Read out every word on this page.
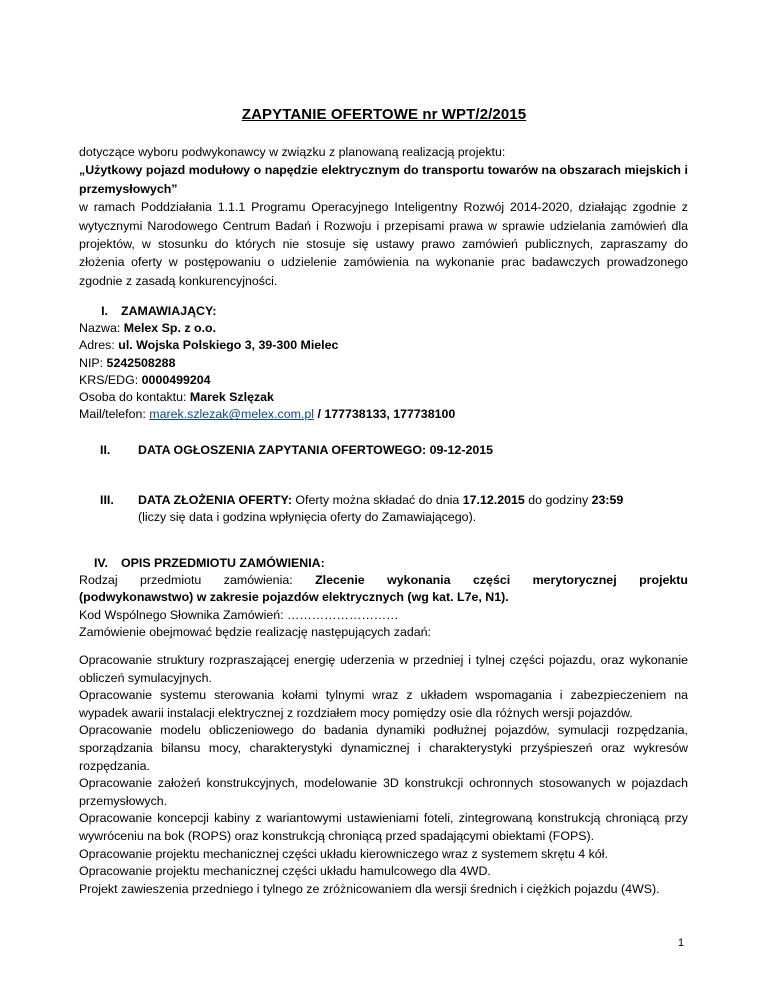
ZAPYTANIE OFERTOWE nr WPT/2/2015

dotyczące wyboru podwykonawcy w związku z planowaną realizacją projektu:

„Użytkowy pojazd modułowy o napędzie elektrycznym do transportu towarów na obszarach miejskich i przemysłowych”

w ramach Poddziałania 1.1.1 Programu Operacyjnego Inteligentny Rozwój 2014-2020, działając zgodnie z wytycznymi Narodowego Centrum Badań i Rozwoju i przepisami prawa w sprawie udzielania zamówień dla projektów, w stosunku do których nie stosuje się ustawy prawo zamówień publicznych, zapraszamy do złożenia oferty w postępowaniu o udzielenie zamówienia na wykonanie prac badawczych prowadzonego zgodnie z zasadą konkurencyjności.

I.	ZAMAWIAJĄCY:

Nazwa: Melex Sp. z o.o.

Adres: ul. Wojska Polskiego 3, 39-300 Mielec

NIP: 5242508288

KRS/EDG: 0000499204

Osoba do kontaktu: Marek Szlęzak

Mail/telefon: marek.szlezak@melex.com.pl / 177738133, 177738100

II.	DATA OGŁOSZENIA ZAPYTANIA OFERTOWEGO: 09-12-2015
III.	DATA ZŁOŻENIA OFERTY: Oferty można składać do dnia 17.12.2015 do godziny 23:59

(liczy się data i godzina wpłynięcia oferty do Zamawiającego).

IV.	OPIS PRZEDMIOTU ZAMÓWIENIA:
Rodzaj przedmiotu zamówienia: Zlecenie wykonania części merytorycznej projektu

(podwykonawstwo) w zakresie pojazdów elektrycznych (wg kat. L7e, N1).

Kod Wspólnego Słownika Zamówień: ………………………

Zamówienie obejmować będzie realizację następujących zadań:

Opracowanie struktury rozpraszającej energię uderzenia w przedniej i tylnej części pojazdu, oraz wykonanie obliczeń symulacyjnych.

Opracowanie systemu sterowania kołami tylnymi wraz z układem wspomagania i zabezpieczeniem na wypadek awarii instalacji elektrycznej z rozdziałem mocy pomiędzy osie dla różnych wersji pojazdów.

Opracowanie modelu obliczeniowego do badania dynamiki podłużnej pojazdów, symulacji rozpędzania, sporządzania bilansu mocy, charakterystyki dynamicznej i charakterystyki przyśpieszeń oraz wykresów rozpędzania.

Opracowanie założeń konstrukcyjnych, modelowanie 3D konstrukcji ochronnych stosowanych w pojazdach przemysłowych.

Opracowanie koncepcji kabiny z wariantowymi ustawieniami foteli, zintegrowaną konstrukcją chroniącą przy wywróceniu na bok (ROPS) oraz konstrukcją chroniącą przed spadającymi obiektami (FOPS).

Opracowanie projektu mechanicznej części układu kierowniczego wraz z systemem skrętu 4 kół.

Opracowanie projektu mechanicznej części układu hamulcowego dla 4WD.

Projekt zawieszenia przedniego i tylnego ze zróżnicowaniem dla wersji średnich i ciężkich pojazdu (4WS).

1
